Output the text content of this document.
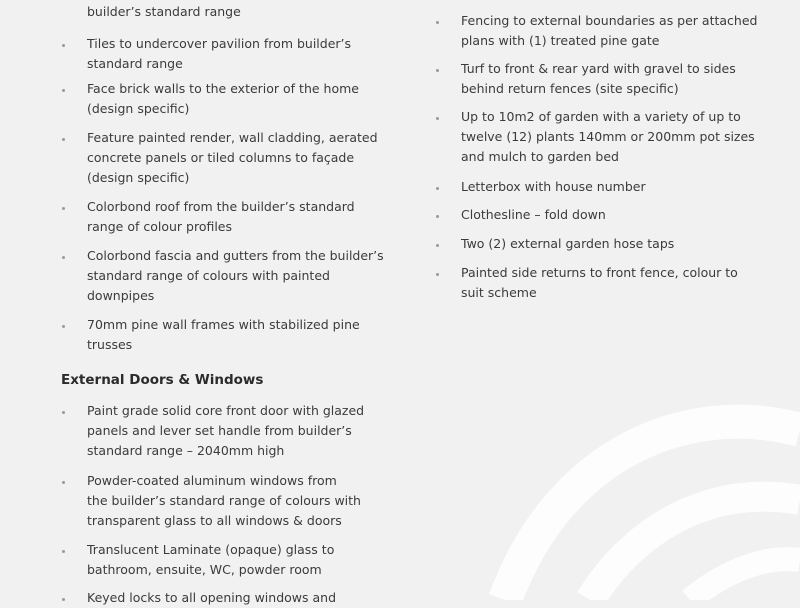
builder’s standard range
Tiles to undercover pavilion from builder’s
standard range
Face brick walls to the exterior of the home
(design specific)
Feature painted render, wall cladding, aerated
concrete panels or tiled columns to façade
(design specific)
Colorbond roof from the builder’s standard
range of colour profiles
Colorbond fascia and gutters from the builder’s
standard range of colours with painted
downpipes
70mm pine wall frames with stabilized pine
trusses
External Doors & Windows
Paint grade solid core front door with glazed
panels and lever set handle from builder’s
standard range – 2040mm high
Powder-coated aluminum windows from
the builder’s standard range of colours with
transparent glass to all windows & doors
Translucent Laminate (opaque) glass to
bathroom, ensuite, WC, powder room
Keyed locks to all opening windows and
Fencing to external boundaries as per attached
plans with (1) treated pine gate
Turf to front & rear yard with gravel to sides
behind return fences (site specific)
Up to 10m2 of garden with a variety of up to
twelve (12) plants 140mm or 200mm pot sizes
and mulch to garden bed
Letterbox with house number
Clothesline – fold down
Two (2) external garden hose taps
Painted side returns to front fence, colour to
suit scheme
